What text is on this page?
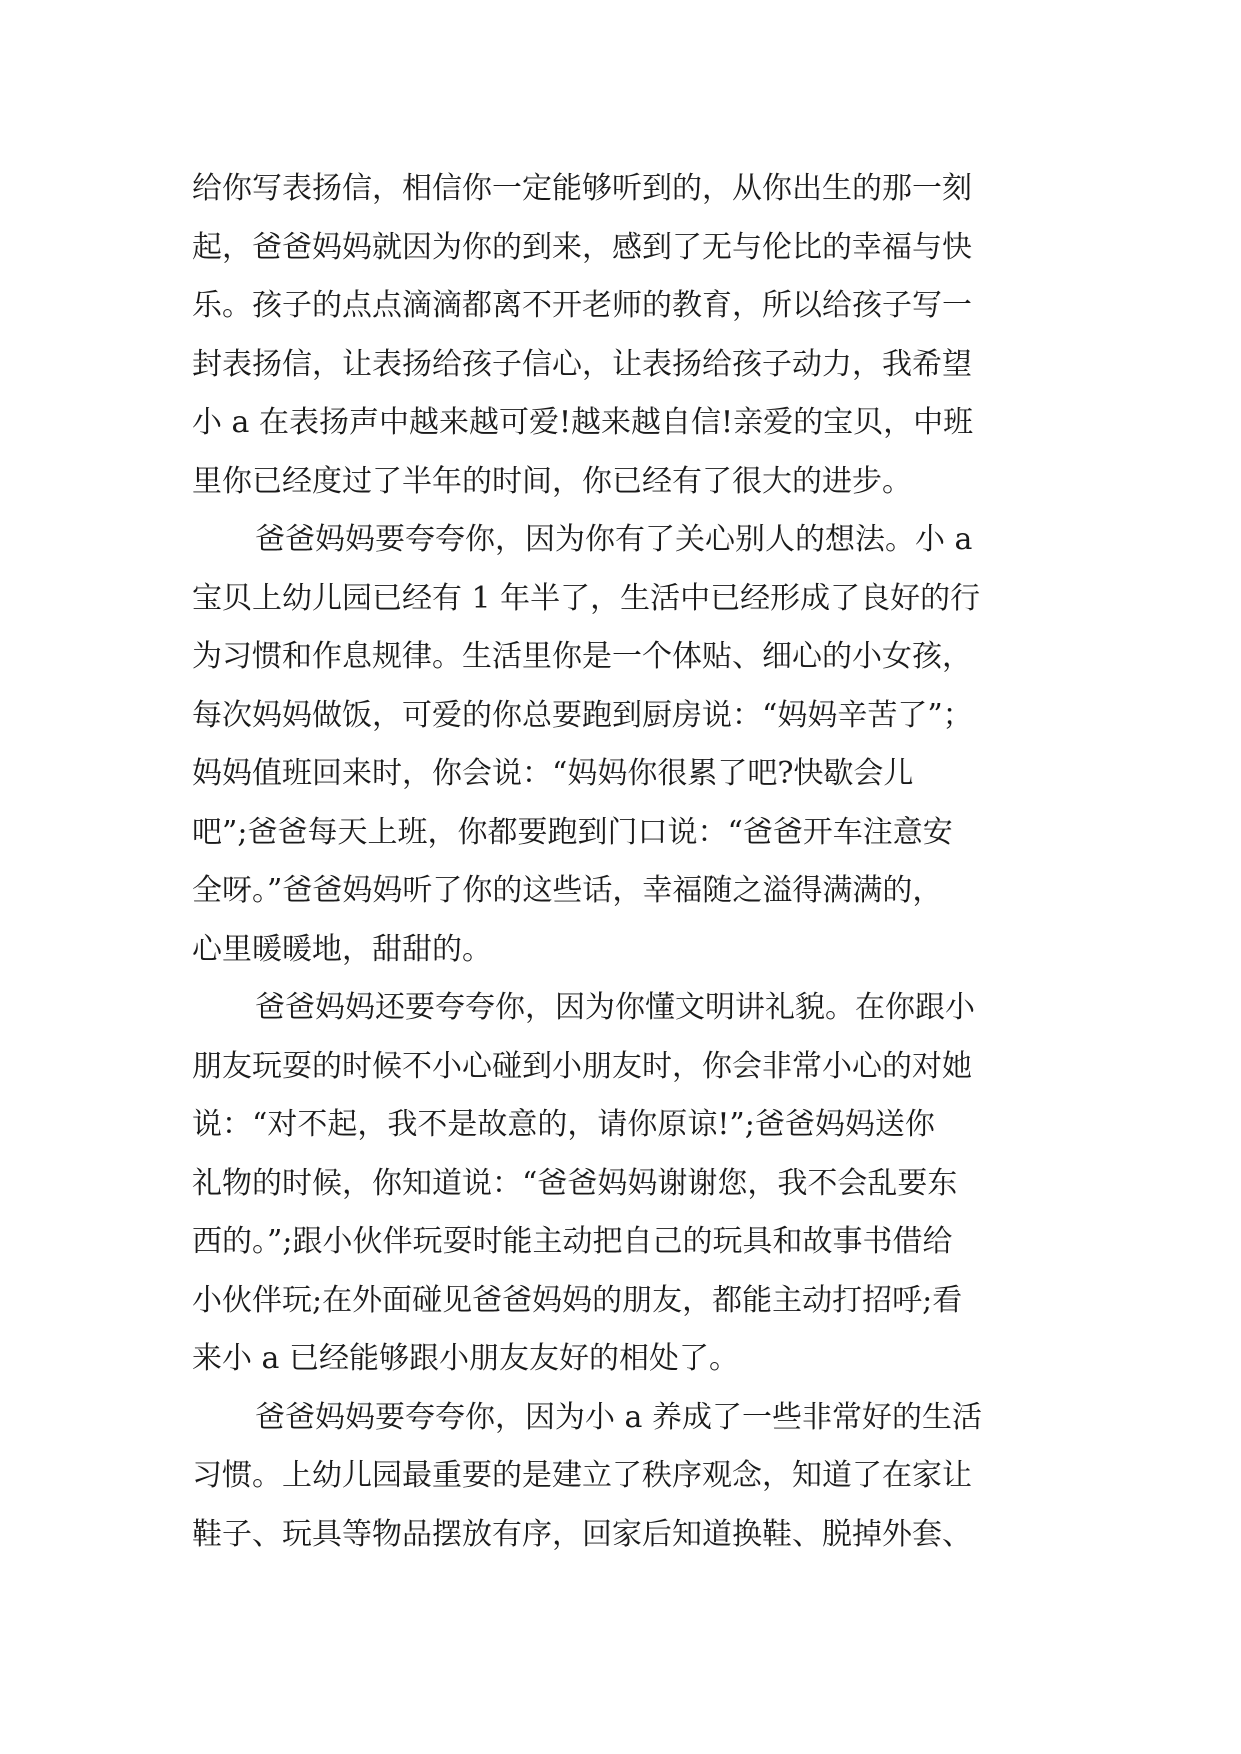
给你写表扬信，相信你一定能够听到的，从你出生的那一刻
起，爸爸妈妈就因为你的到来，感到了无与伦比的幸福与快
乐。孩子的点点滴滴都离不开老师的教育，所以给孩子写一
封表扬信，让表扬给孩子信心，让表扬给孩子动力，我希望
小 a 在表扬声中越来越可爱!越来越自信!亲爱的宝贝，中班
里你已经度过了半年的时间，你已经有了很大的进步。
爸爸妈妈要夸夸你，因为你有了关心别人的想法。小 a
宝贝上幼儿园已经有 1 年半了，生活中已经形成了良好的行
为习惯和作息规律。生活里你是一个体贴、细心的小女孩，
每次妈妈做饭，可爱的你总要跑到厨房说：“妈妈辛苦了”；
妈妈值班回来时，你会说：“妈妈你很累了吧?快歇会儿
吧”;爸爸每天上班，你都要跑到门口说：“爸爸开车注意安
全呀。”爸爸妈妈听了你的这些话，幸福随之溢得满满的，
心里暖暖地，甜甜的。
爸爸妈妈还要夸夸你，因为你懂文明讲礼貌。在你跟小
朋友玩耍的时候不小心碰到小朋友时，你会非常小心的对她
说：“对不起，我不是故意的，请你原谅!”;爸爸妈妈送你
礼物的时候，你知道说：“爸爸妈妈谢谢您，我不会乱要东
西的。”;跟小伙伴玩耍时能主动把自己的玩具和故事书借给
小伙伴玩;在外面碰见爸爸妈妈的朋友，都能主动打招呼;看
来小 a 已经能够跟小朋友友好的相处了。
爸爸妈妈要夸夸你，因为小 a 养成了一些非常好的生活
习惯。上幼儿园最重要的是建立了秩序观念，知道了在家让
鞋子、玩具等物品摆放有序，回家后知道换鞋、脱掉外套、
